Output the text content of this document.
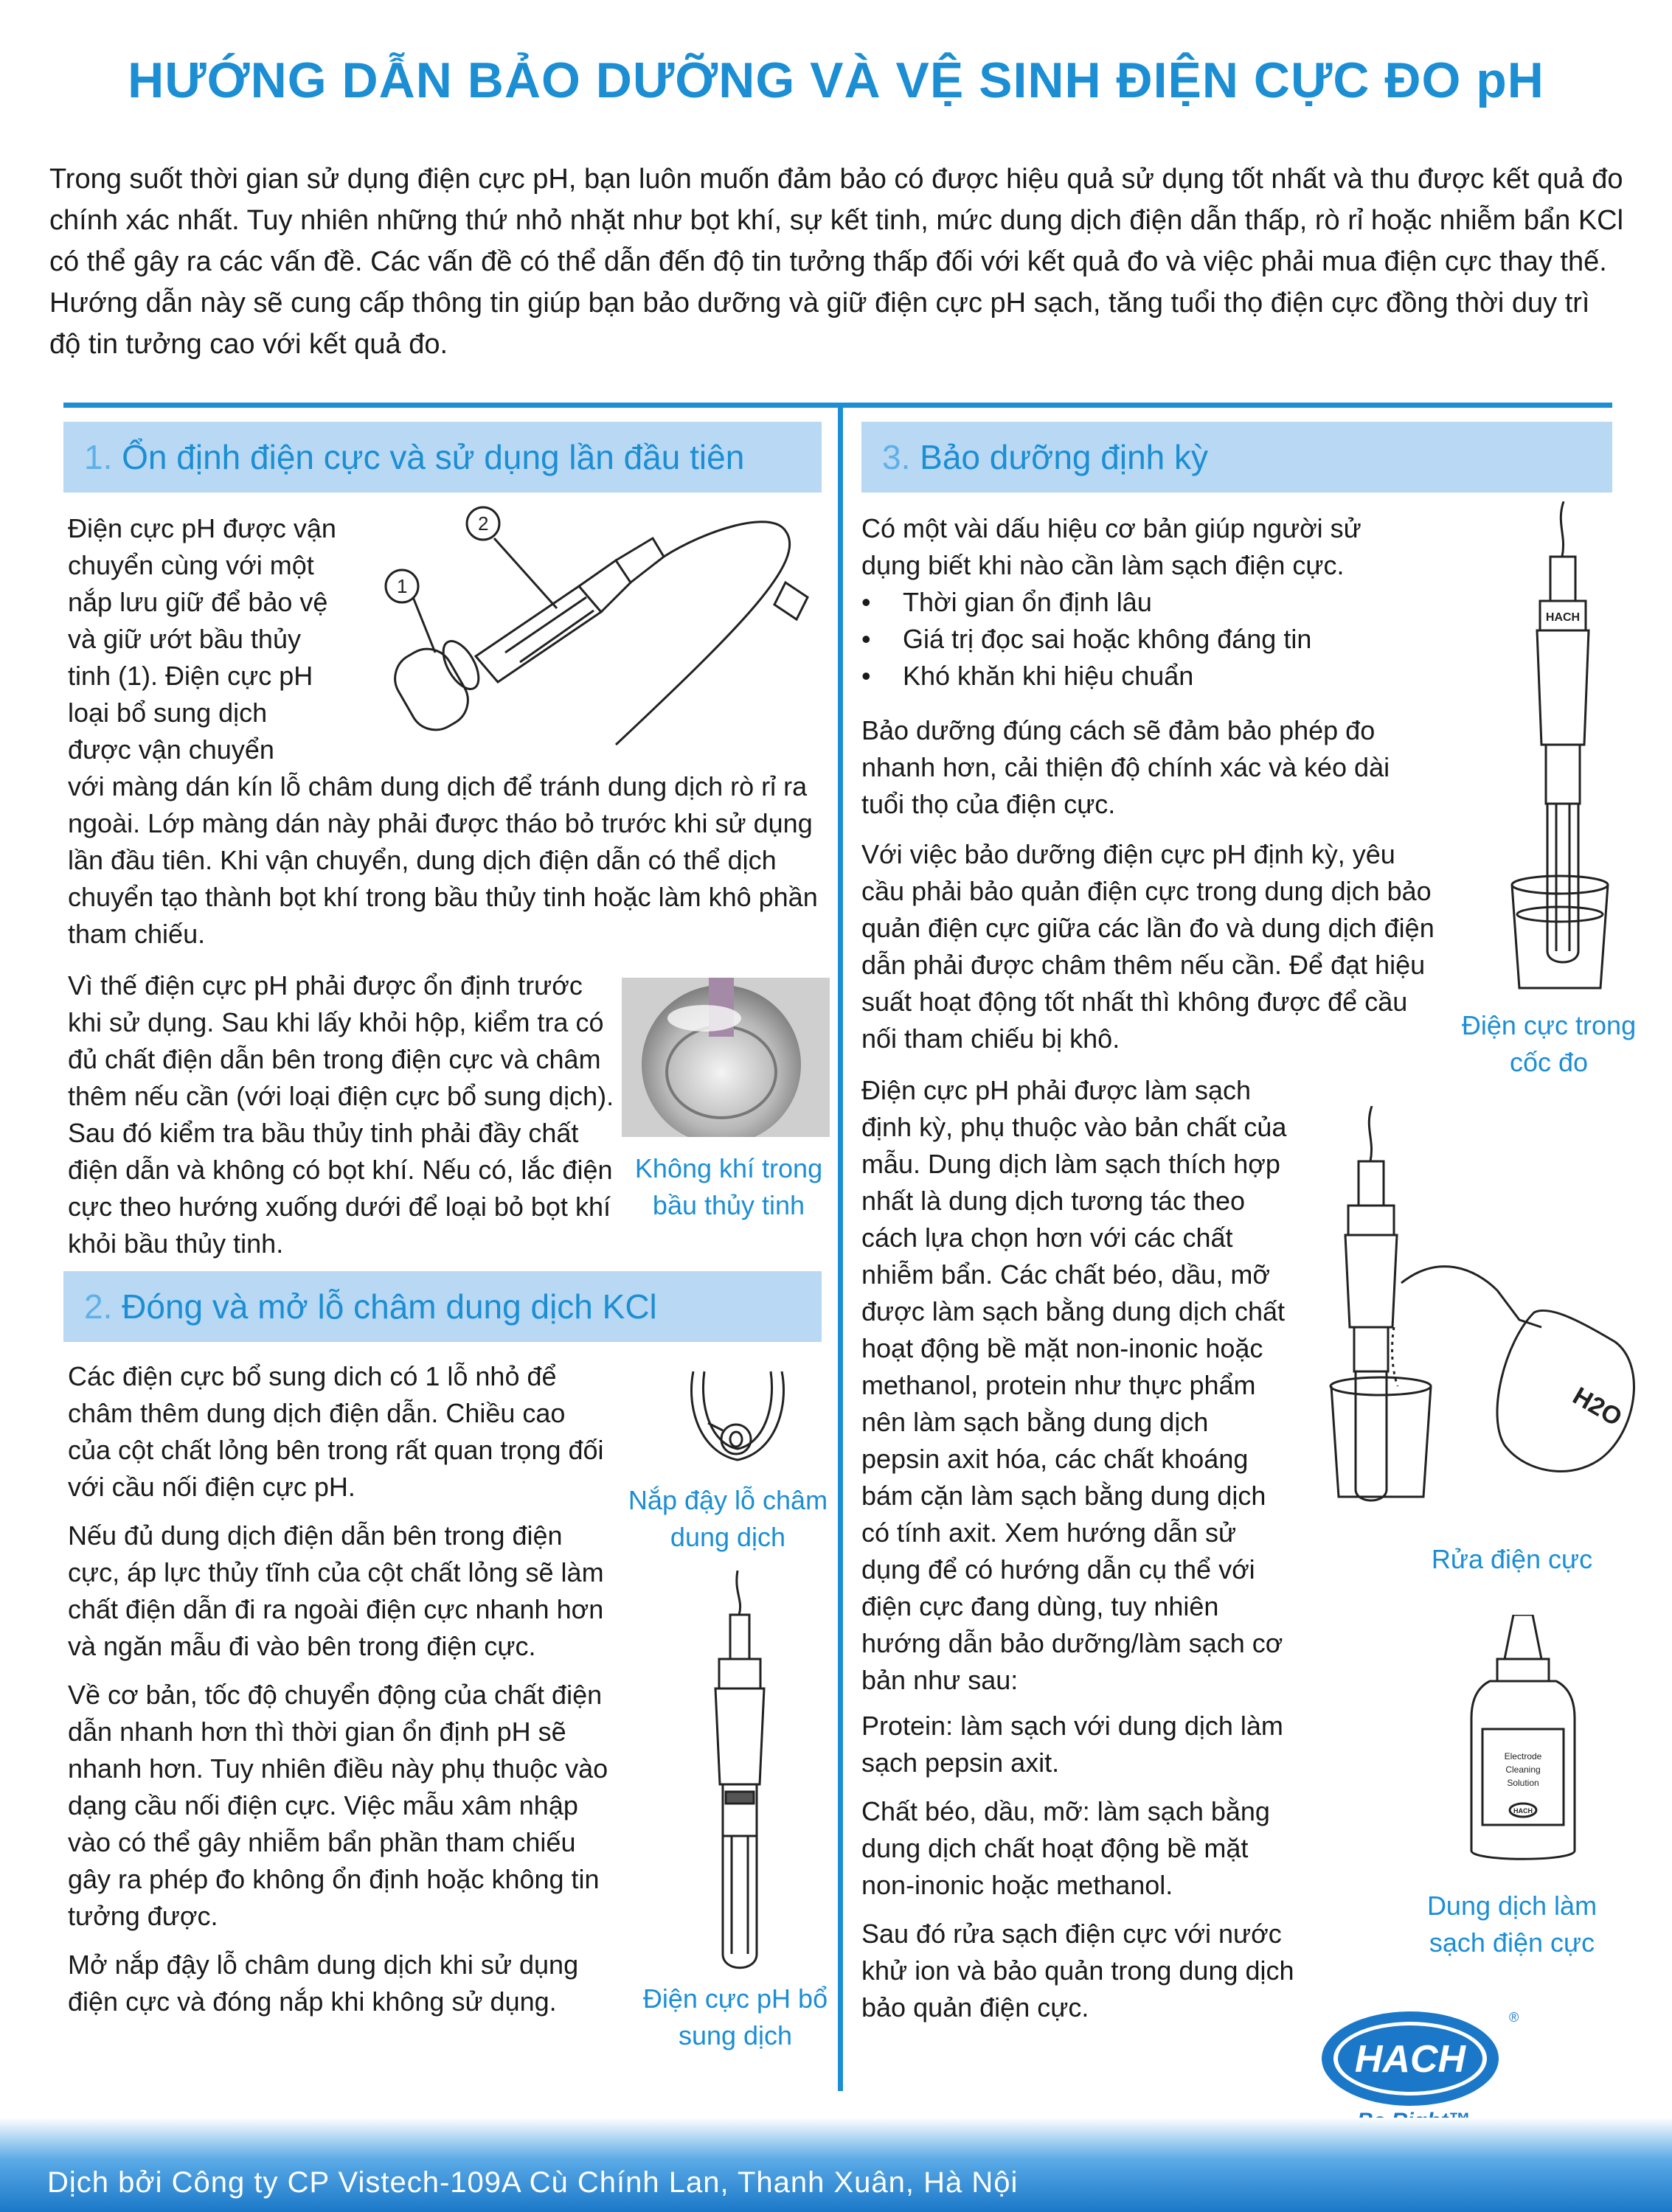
HƯỚNG DẪN BẢO DƯỠNG VÀ VỆ SINH ĐIỆN CỰC ĐO pH
Trong suốt thời gian sử dụng điện cực pH, bạn luôn muốn đảm bảo có được hiệu quả sử dụng tốt nhất và thu được kết quả đo chính xác nhất. Tuy nhiên những thứ nhỏ nhặt như bọt khí, sự kết tinh, mức dung dịch điện dẫn thấp, rò rỉ hoặc nhiễm bẩn KCl có thể gây ra các vấn đề. Các vấn đề có thể dẫn đến độ tin tưởng thấp đối với kết quả đo và việc phải mua điện cực thay thế. Hướng dẫn này sẽ cung cấp thông tin giúp bạn bảo dưỡng và giữ điện cực pH sạch, tăng tuổi thọ điện cực đồng thời duy trì độ tin tưởng cao với kết quả đo.
1. Ổn định điện cực và sử dụng lần đầu tiên
Điện cực pH được vận
chuyển cùng với một
nắp lưu giữ để bảo vệ
và giữ ướt bầu thủy
tinh (1). Điện cực pH
loại bổ sung dịch
được vận chuyển
1
2
với màng dán kín lỗ châm dung dịch để tránh dung dịch rò rỉ ra ngoài. Lớp màng dán này phải được tháo bỏ trước khi sử dụng lần đầu tiên. Khi vận chuyển, dung dịch điện dẫn có thể dịch chuyển tạo thành bọt khí trong bầu thủy tinh hoặc làm khô phần tham chiếu.
Vì thế điện cực pH phải được ổn định trước khi sử dụng. Sau khi lấy khỏi hộp, kiểm tra có đủ chất điện dẫn bên trong điện cực và châm thêm nếu cần (với loại điện cực bổ sung dịch). Sau đó kiểm tra bầu thủy tinh phải đầy chất điện dẫn và không có bọt khí. Nếu có, lắc điện cực theo hướng xuống dưới để loại bỏ bọt khí khỏi bầu thủy tinh.
Không khí trong bầu thủy tinh
2. Đóng và mở lỗ châm dung dịch KCl

Các điện cực bổ sung dich có 1 lỗ nhỏ để châm thêm dung dịch điện dẫn. Chiều cao của cột chất lỏng bên trong rất quan trọng đối với cầu nối điện cực pH.

Nếu đủ dung dịch điện dẫn bên trong điện cực, áp lực thủy tĩnh của cột chất lỏng sẽ làm chất điện dẫn đi ra ngoài điện cực nhanh hơn và ngăn mẫu đi vào bên trong điện cực.

Về cơ bản, tốc độ chuyển động của chất điện dẫn nhanh hơn thì thời gian ổn định pH sẽ nhanh hơn. Tuy nhiên điều này phụ thuộc vào dạng cầu nối điện cực. Việc mẫu xâm nhập vào có thể gây nhiễm bẩn phần tham chiếu gây ra phép đo không ổn định hoặc không tin tưởng được.

Mở nắp đậy lỗ châm dung dịch khi sử dụng điện cực và đóng nắp khi không sử dụng.

Nắp đậy lỗ châm dung dịch
Điện cực pH bổ sung dịch
3. Bảo dưỡng định kỳ
Có một vài dấu hiệu cơ bản giúp người sử dụng biết khi nào cần làm sạch điện cực.
• Thời gian ổn định lâu
• Giá trị đọc sai hoặc không đáng tin
• Khó khăn khi hiệu chuẩn
Bảo dưỡng đúng cách sẽ đảm bảo phép đo nhanh hơn, cải thiện độ chính xác và kéo dài tuổi thọ của điện cực.
Với việc bảo dưỡng điện cực pH định kỳ, yêu cầu phải bảo quản điện cực trong dung dịch bảo quản điện cực giữa các lần đo và dung dịch điện dẫn phải được châm thêm nếu cần. Để đạt hiệu suất hoạt động tốt nhất thì không được để cầu nối tham chiếu bị khô.
HACH
Điện cực trong cốc đo
Điện cực pH phải được làm sạch định kỳ, phụ thuộc vào bản chất của mẫu. Dung dịch làm sạch thích hợp nhất là dung dịch tương tác theo cách lựa chọn hơn với các chất nhiễm bẩn. Các chất béo, dầu, mỡ được làm sạch bằng dung dịch chất hoạt động bề mặt non-inonic hoặc methanol, protein như thực phẩm nên làm sạch bằng dung dịch pepsin axit hóa, các chất khoáng bám cặn làm sạch bằng dung dịch có tính axit. Xem hướng dẫn sử dụng để có hướng dẫn cụ thể với điện cực đang dùng, tuy nhiên hướng dẫn bảo dưỡng/làm sạch cơ bản như sau:

Protein: làm sạch với dung dịch làm sạch pepsin axit.

Chất béo, dầu, mỡ: làm sạch bằng dung dịch chất hoạt động bề mặt non-inonic hoặc methanol.

Sau đó rửa sạch điện cực với nước khử ion và bảo quản trong dung dịch bảo quản điện cực.

H2O
Rửa điện cực
Electrode
Cleaning
Solution
HACH
Dung dịch làm sạch điện cực
HACH
®
Dịch bởi Công ty CP Vistech-109A Cù Chính Lan, Thanh Xuân, Hà Nội
